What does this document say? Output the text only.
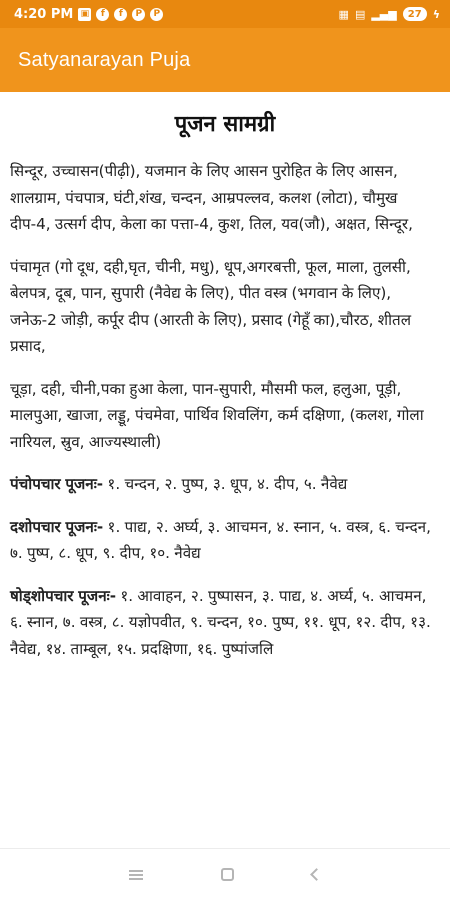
4:20 PM ▣	f	f	P	P	▦ ▤ ▂▄▆	27	ϟ
Satyanarayan Puja
पूजन सामग्री

सिन्दूर, उच्चासन(पीढ़ी), यजमान के लिए आसन पुरोहित के लिए आसन, शालग्राम, पंचपात्र, घंटी,शंख, चन्दन, आम्रपल्लव, कलश (लोटा), चौमुख दीप-4, उत्सर्ग दीप, केला का पत्ता-4, कुश, तिल, यव(जौ), अक्षत, सिन्दूर,

पंचामृत (गो दूध, दही,घृत, चीनी, मधु), धूप,अगरबत्ती, फूल, माला, तुलसी, बेलपत्र, दूब, पान, सुपारी (नैवेद्य के लिए), पीत वस्त्र (भगवान के लिए), जनेऊ-2 जोड़ी, कर्पूर दीप (आरती के लिए), प्रसाद (गेहूँ का),चौरठ, शीतल प्रसाद,

चूड़ा, दही, चीनी,पका हुआ केला, पान-सुपारी, मौसमी फल, हलुआ, पूड़ी, मालपुआ, खाजा, लड्डू, पंचमेवा, पार्थिव शिवलिंग, कर्म दक्षिणा, (कलश, गोला नारियल, स्रुव, आज्यस्थाली)

पंचोपचार पूजनः- १. चन्दन, २. पुष्प, ३. धूप, ४. दीप, ५. नैवेद्य

दशोपचार पूजनः- १. पाद्य, २. अर्घ्य, ३. आचमन, ४. स्नान, ५. वस्त्र, ६. चन्दन, ७. पुष्प, ८. धूप, ९. दीप, १०. नैवेद्य

षोड्शोपचार पूजनः- १. आवाहन, २. पुष्पासन, ३. पाद्य, ४. अर्घ्य, ५. आचमन, ६. स्नान, ७. वस्त्र, ८. यज्ञोपवीत, ९. चन्दन, १०. पुष्प, ११. धूप, १२. दीप, १३. नैवेद्य, १४. ताम्बूल, १५. प्रदक्षिणा, १६. पुष्पांजलि
